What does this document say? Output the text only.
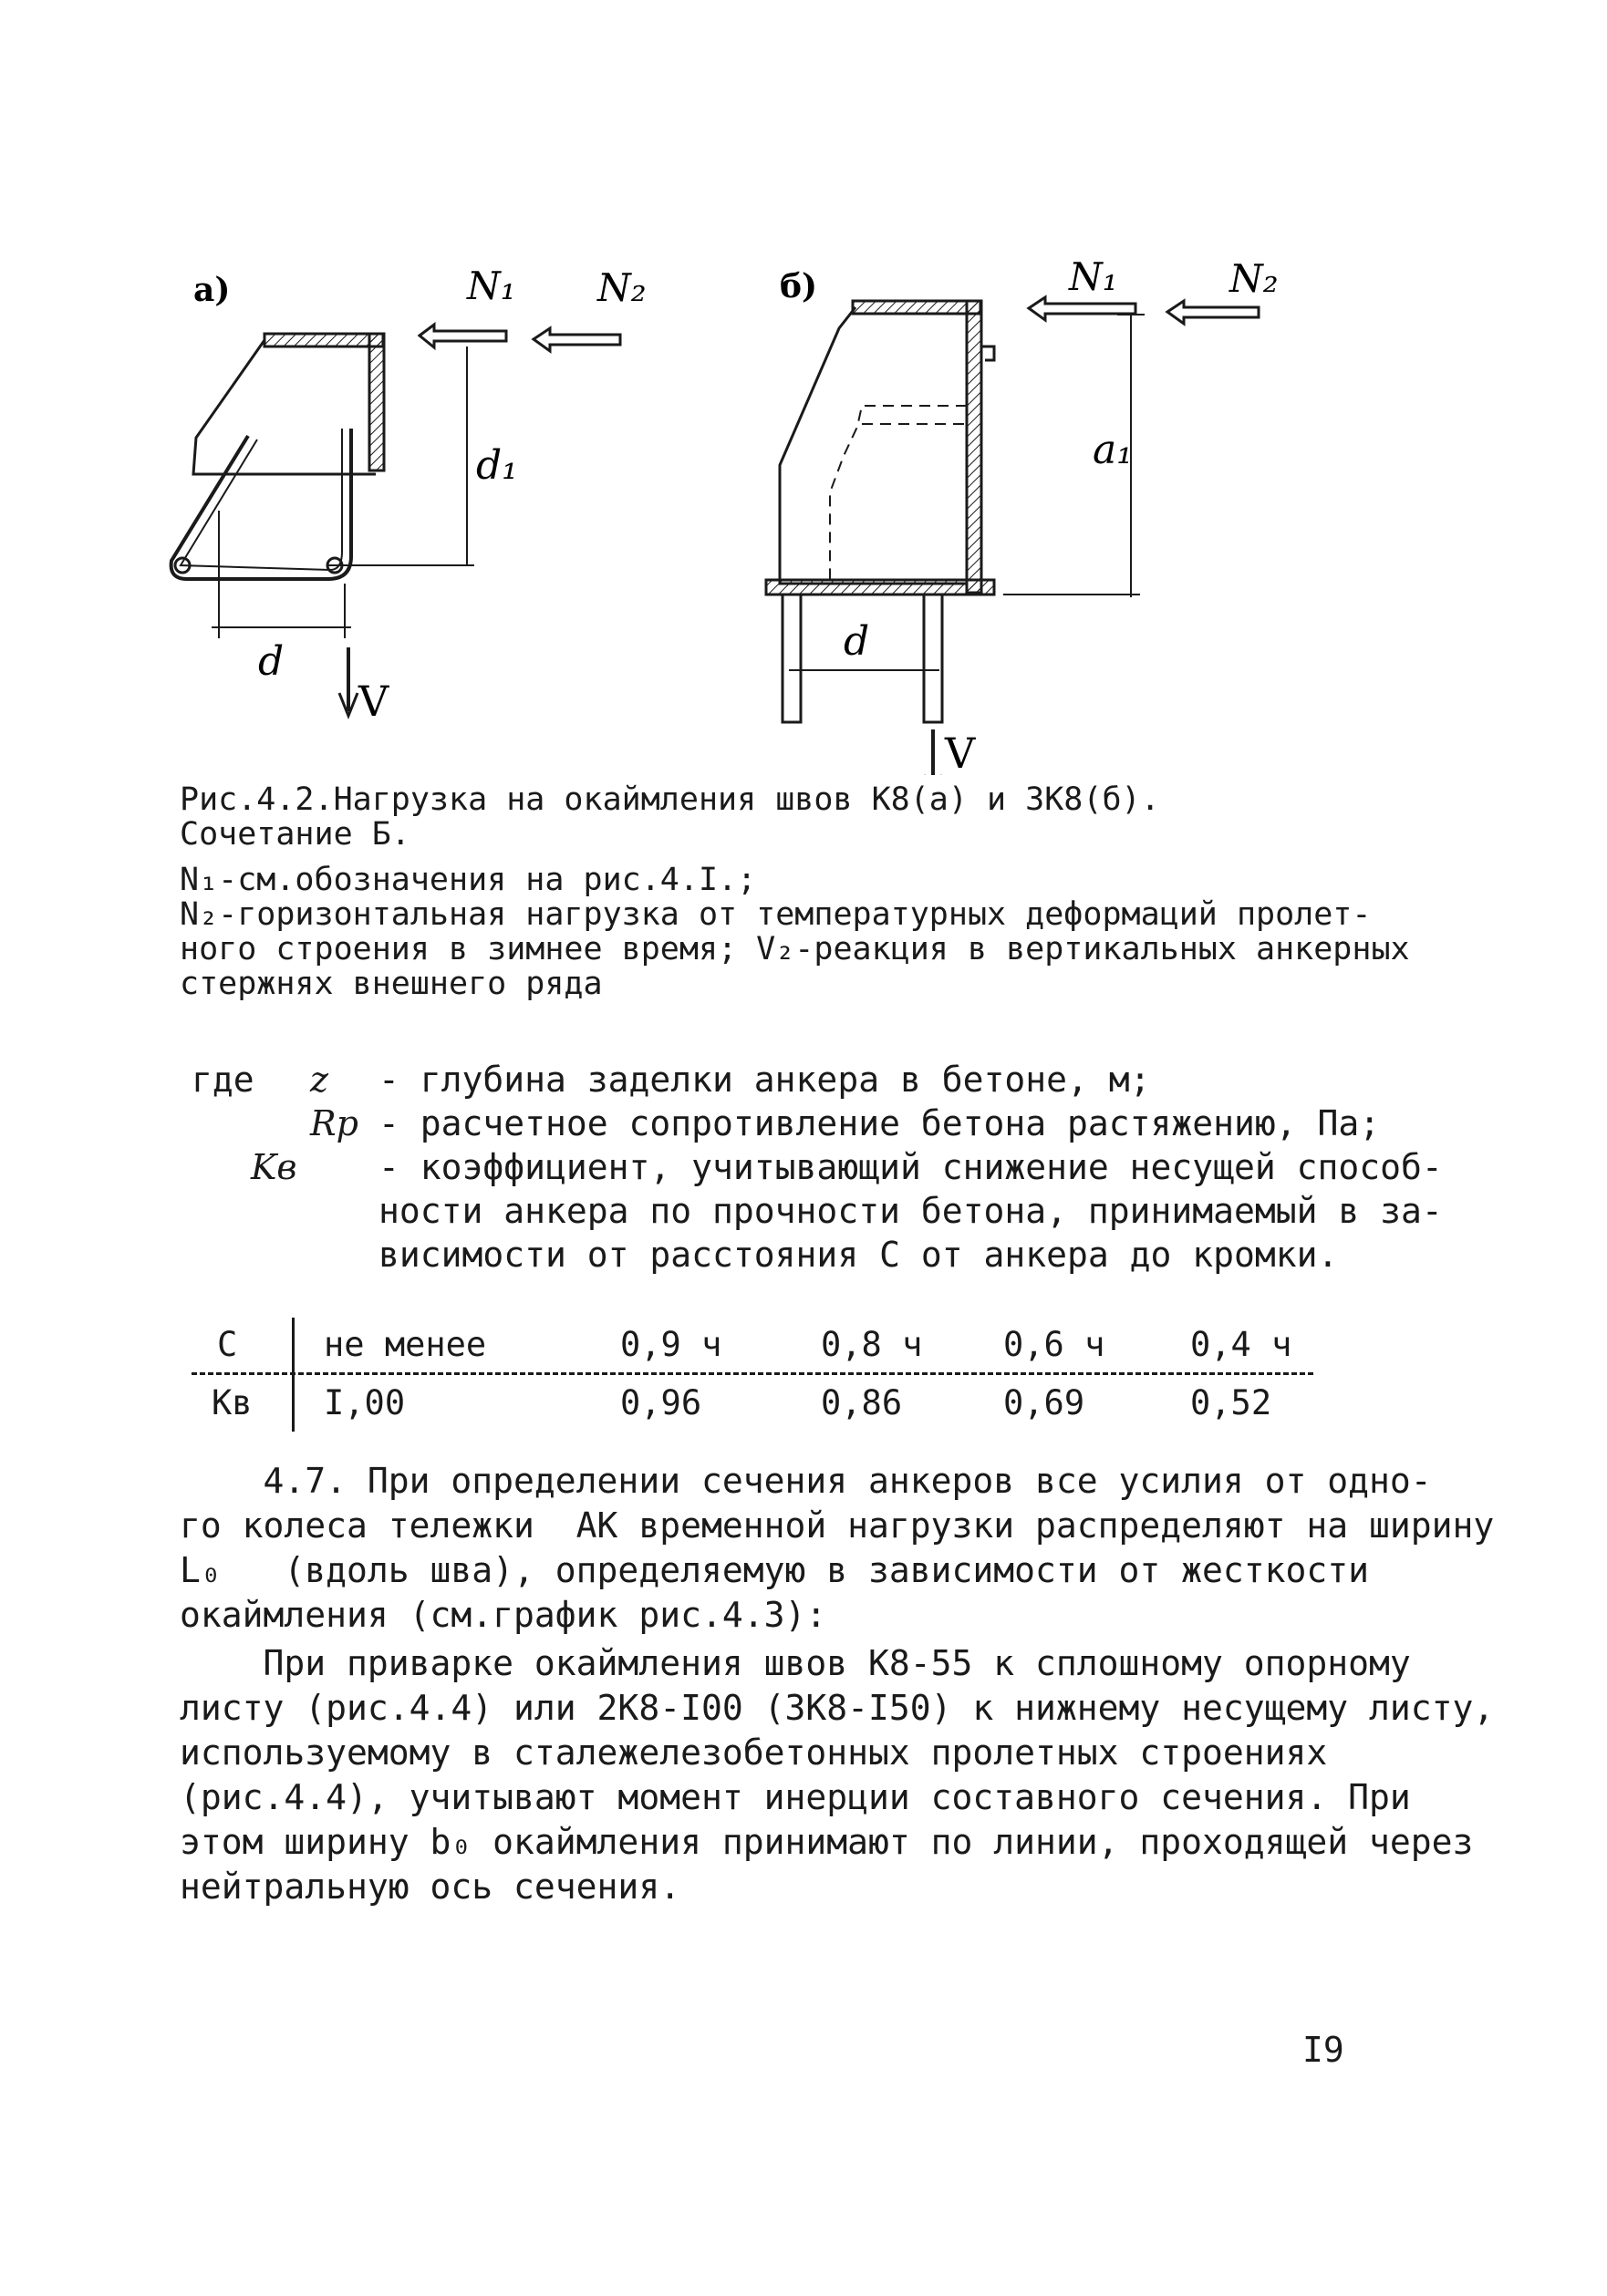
а)
d
d₁
N₁ N₂
V
б)
d
a₁
N₁	N₂
V
Рис.4.2.Нагрузка на окаймления швов К8(а) и 3К8(б).
Сочетание Б.
N₁-см.обозначения на рис.4.I.;
N₂-горизонтальная нагрузка от температурных деформаций пролет-
ного строения в зимнее время; V₂-реакция в вертикальных анкерных
стержнях внешнего ряда
где z - глубина заделки анкера в бетоне, м;
Rp - расчетное сопротивление бетона растяжению, Па;
Kв - коэффициент, учитывающий снижение несущей способ-
ности анкера по прочности бетона, принимаемый в за-
висимости от расстояния С от анкера до кромки.
С	не менее	0,9 ч	0,8 ч 0,6 ч	0,4 ч
Кв I,00	0,96	0,86	0,69	0,52
4.7. При определении сечения анкеров все усилия от одно-
го колеса тележки  АК временной нагрузки распределяют на ширину
L₀   (вдоль шва), определяемую в зависимости от жесткости
окаймления (см.график рис.4.3):
При приварке окаймления швов К8-55 к сплошному опорному
листу (рис.4.4) или 2К8-I00 (3К8-I50) к нижнему несущему листу,
используемому в сталежелезобетонных пролетных строениях
(рис.4.4), учитывают момент инерции составного сечения. При
этом ширину b₀ окаймления принимают по линии, проходящей через
нейтральную ось сечения.
I9
